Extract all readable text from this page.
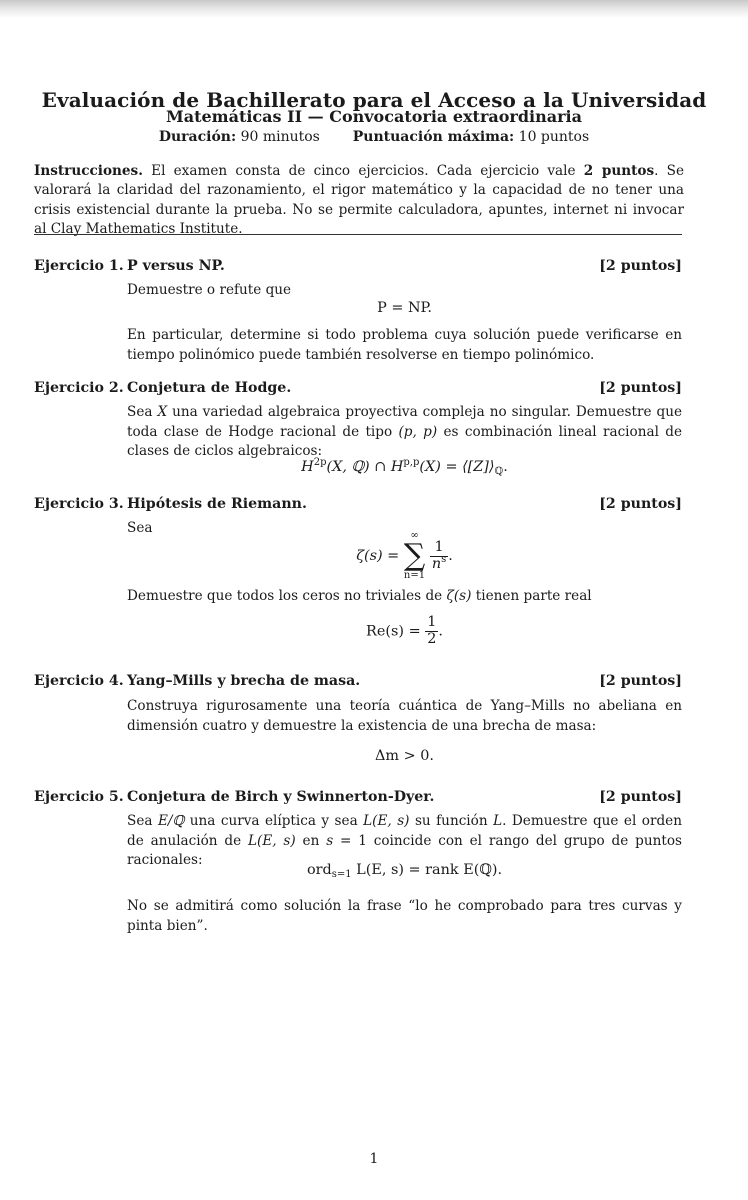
Evaluación de Bachillerato para el Acceso a la Universidad
Matemáticas II — Convocatoria extraordinaria
Duración: 90 minutos Puntuación máxima: 10 puntos
Instrucciones. El examen consta de cinco ejercicios. Cada ejercicio vale 2 puntos. Se valorará la claridad del razonamiento, el rigor matemático y la capacidad de no tener una crisis existencial durante la prueba. No se permite calculadora, apuntes, internet ni invocar al Clay Mathematics Institute.
Ejercicio 1. P versus NP.	[2 puntos]
Demuestre o refute que
P = NP.
En particular, determine si todo problema cuya solución puede verificarse en tiempo polinómico puede también resolverse en tiempo polinómico.
Ejercicio 2. Conjetura de Hodge.	[2 puntos]
Sea X una variedad algebraica proyectiva compleja no singular. Demuestre que toda clase de Hodge racional de tipo (p, p) es combinación lineal racional de clases de ciclos algebraicos:
$H^{2p}(X$, ℚ) ∩ $H^{p,p}(X) = ⟨[Z]⟩_ℚ$.
Ejercicio 3. Hipótesis de Riemann.	[2 puntos]
Sea
ζ(s) =
∞
∑
n=1

$\frac{1}{n^s}$ .
Demuestre que todos los ceros no triviales de ζ(s) tienen parte real
$Re(s) = \frac{1}{2}$ .
Ejercicio 4. Yang–Mills y brecha de masa.	[2 puntos]
Construya rigurosamente una teoría cuántica de Yang–Mills no abeliana en dimensión cuatro y demuestre la existencia de una brecha de masa:
Δm > 0.
Ejercicio 5. Conjetura de Birch y Swinnerton-Dyer.	[2 puntos]
Sea E/ℚ una curva elíptica y sea L(E, s) su función L. Demuestre que el orden de anulación de L(E, s) en s = 1 coincide con el rango del grupo de puntos racionales:
ord$_{s=1}$ L(E, s) = rank E(ℚ).
No se admitirá como solución la frase “lo he comprobado para tres curvas y pinta bien”.
1
